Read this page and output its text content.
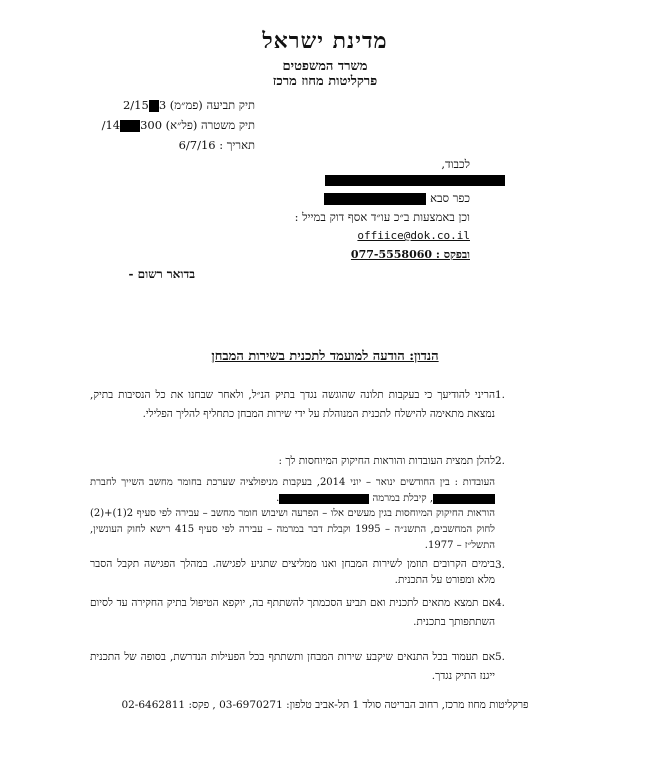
מדינת ישראל
משרד המשפטים
פרקליטות מחוז מרכז
תיק תביעה (פמ״מ) 32/15
תיק משטרה (פל״א) 30014/
תאריך : 6/7/16
לכבוד,
כפר סבא
וכן באמצעות ב״כ עו״ד אסף דוק במייל :
offiice@dok.co.il
ובפקס : 077-5558060
בדואר רשום -
הנדון: הודעה למועמד לתכנית בשירות המבחן
1.
הריני להודיעך כי בעקבות תלונה שהוגשה נגדך בתיק הנ״ל, ולאחר שבחנו את כל הנסיבות בתיק, נמצאת מתאימה להישלח לתכנית המנוהלת על ידי שירות המבחן כתחליף להליך הפלילי.
2.
להלן תמצית העובדות והוראות החיקוק המיוחסות לך :
העובדות : בין החודשים ינואר – יוני 2014, בעקבות מניפולציה שערכת בחומר מחשב השייך לחברת , קיבלת במרמה .
הוראות החיקוק המיוחסות בגין מעשים אלו – הפרעה ושיבוש חומר מחשב – עבירה לפי סעיף 2(1)+(2) לחוק המחשבים, התשנ״ה – 1995 וקבלת דבר במרמה – עבירה לפי סעיף 415 רישא לחוק העונשין, התשל״ז – 1977.
3.
בימים הקרובים תוזמן לשירות המבחן ואנו ממליצים שתגיע לפגישה. במהלך הפגישה תקבל הסבר מלא ומפורט על התכנית.
4.
אם תמצא מתאים לתכנית ואם תביע הסכמתך להשתתף בה, יוקפא הטיפול בתיק החקירה עד לסיום השתתפותך בתכנית.
5.
אם תעמוד בכל התנאים שיקבע שירות המבחן ותשתתף בכל הפעילות הנדרשת, בסופה של התכנית ייגנז התיק נגדך.
פרקליטות מחוז מרכז, רחוב הבריטה סולד 1 תל-אביב טלפון: 03-6970271 , פקס: 02-6462811
